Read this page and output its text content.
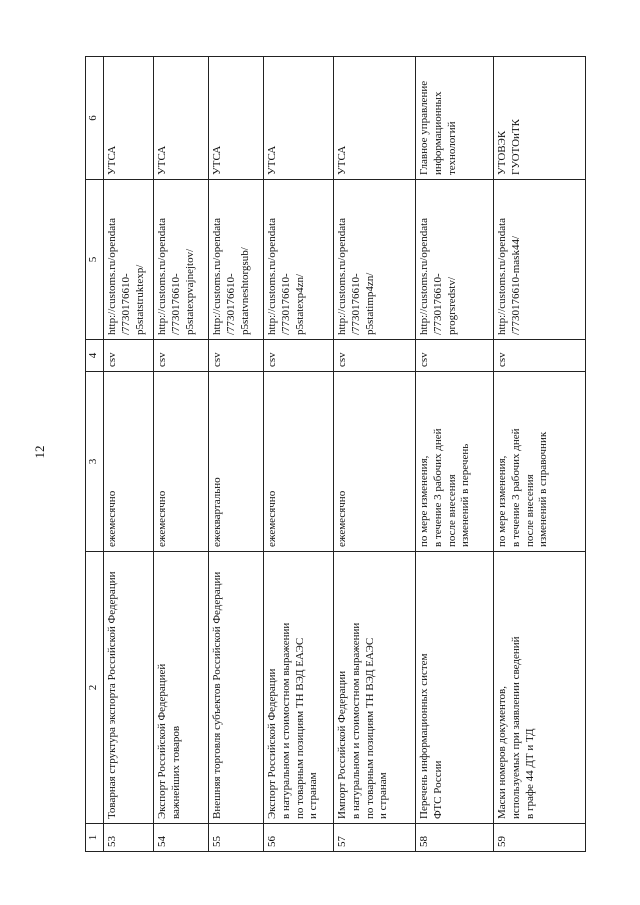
12
1	2	3	4	5	6
53	Товарная структура экспорта Российской Федерации	ежемесячно	csv	http://customs.ru/opendata
/7730176610-
p5statstruktexp/	УТСА
54	Экспорт Российской Федерацией
важнейших товаров	ежемесячно	csv	http://customs.ru/opendata
/7730176610-
p5statexpvajnejtov/	УТСА
55	Внешняя торговля субъектов Российской Федерации	ежеквартально	csv	http://customs.ru/opendata
/7730176610-
p5statvneshtorgsub/	УТСА
56	Экспорт Российской Федерации
в натуральном и стоимостном выражении
по товарным позициям ТН ВЭД ЕАЭС
и странам	ежемесячно	csv	http://customs.ru/opendata
/7730176610-
p5statexp4zn/	УТСА
57	Импорт Российской Федерации
в натуральном и стоимостном выражении
по товарным позициям ТН ВЭД ЕАЭС
и странам	ежемесячно	csv	http://customs.ru/opendata
/7730176610-
p5statimp4zn/	УТСА
58	Перечень информационных систем
ФТС России	по мере изменения,
в течение 3 рабочих дней
после внесения
изменений в перечень	csv	http://customs.ru/opendata
/7730176610-
progrsredstv/	Главное управление
информационных
технологий
59	Маски номеров документов,
используемых при заявлении сведений
в графе 44 ДТ и ТД	по мере изменения,
в течение 3 рабочих дней
после внесения
изменений в справочник	csv	http://customs.ru/opendata
/7730176610-mask44/	УТОВЭК
ГУОТОиТК
